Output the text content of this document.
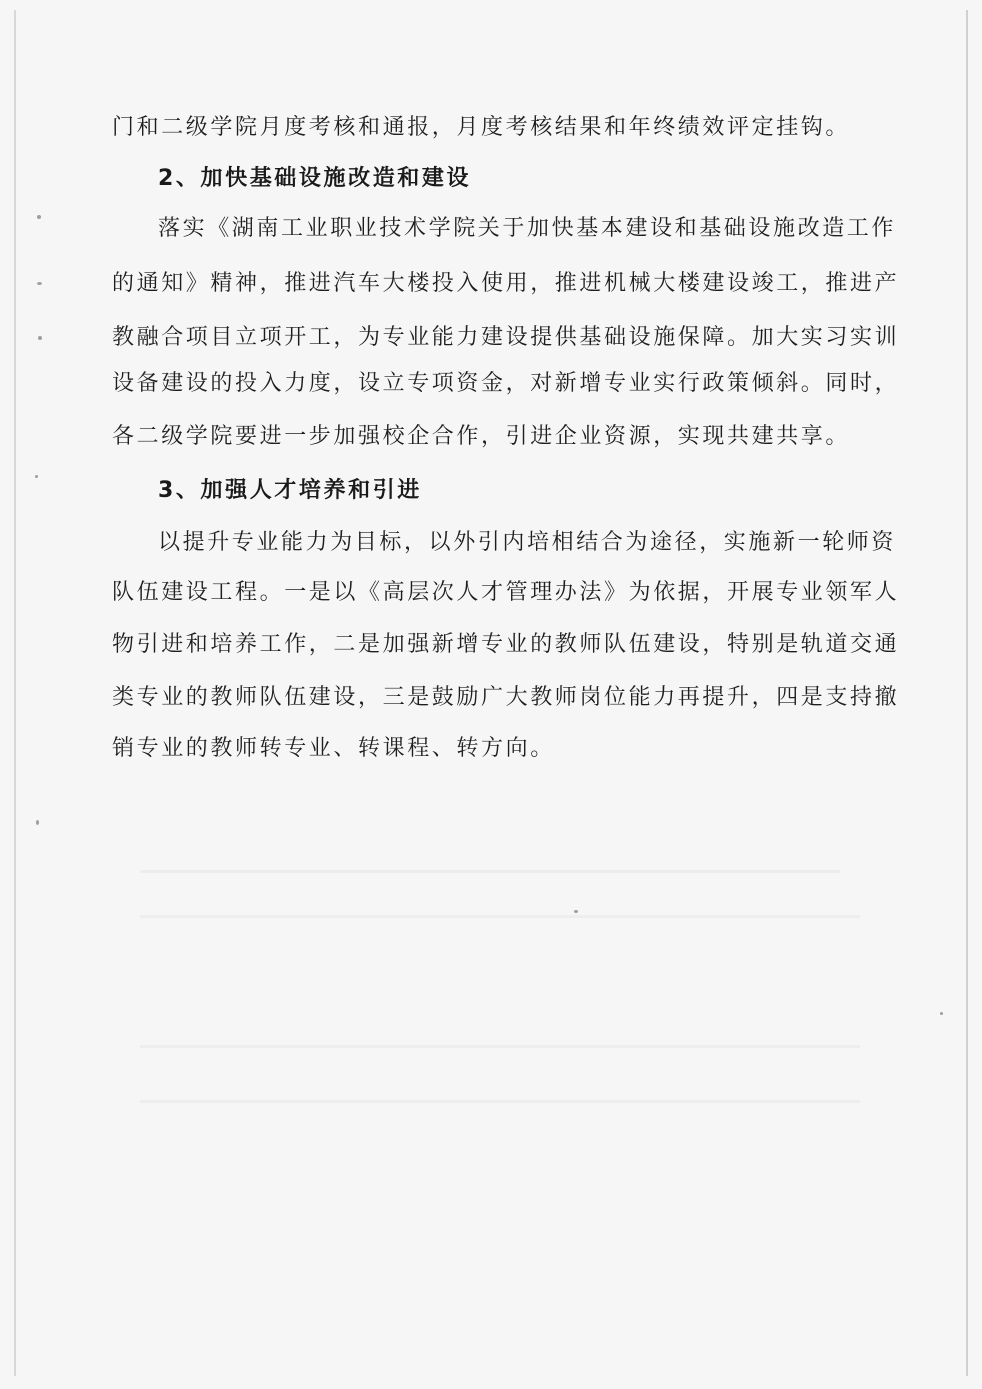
门和二级学院月度考核和通报，月度考核结果和年终绩效评定挂钩。
2、加快基础设施改造和建设
落实《湖南工业职业技术学院关于加快基本建设和基础设施改造工作
的通知》精神，推进汽车大楼投入使用，推进机械大楼建设竣工，推进产
教融合项目立项开工，为专业能力建设提供基础设施保障。加大实习实训
设备建设的投入力度，设立专项资金，对新增专业实行政策倾斜。同时，
各二级学院要进一步加强校企合作，引进企业资源，实现共建共享。
3、加强人才培养和引进
以提升专业能力为目标，以外引内培相结合为途径，实施新一轮师资
队伍建设工程。一是以《高层次人才管理办法》为依据，开展专业领军人
物引进和培养工作，二是加强新增专业的教师队伍建设，特别是轨道交通
类专业的教师队伍建设，三是鼓励广大教师岗位能力再提升，四是支持撤
销专业的教师转专业、转课程、转方向。
